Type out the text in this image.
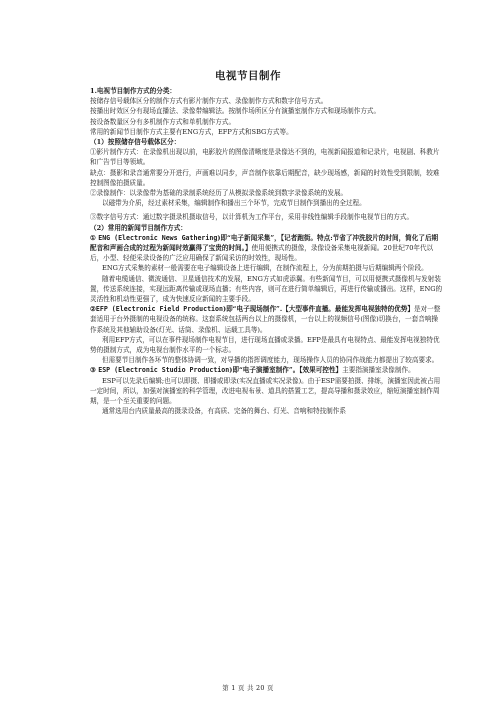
电视节目制作

1.电视节目制作方式的分类：

按储存信号载体区分的制作方式有影片制作方式、录像制作方式和数字信号方式。

按播出时效区分有现场直播法、录像带编辑法。按制作场所区分有演播室制作方式和现场制作方式。

按设备数量区分有多机制作方式和单机制作方式。

常用的新闻节目制作方式主要有ENG方式，EFP方式和SBG方式等。

（1）按照储存信号载体区分：

①影片制作方式：在录像机出现以前，电影胶片的图像清晰度是录像达不到的，电视新闻报道和记录片，电视剧、科教片和广告节目等领域。

缺点：摄影和录音通常要分开进行，声画难以同步，声音制作依靠后期配音，缺少现场感，新闻的时效性受到限制，较难控制图像拍摄质量。

②录像制作：以录像带为基础的录制系统经历了从模拟录像系统到数字录像系统的发展。

以磁带为介质，经过素材采集，编辑制作和播出三个环节，完成节目制作到播出的全过程。

③数字信号方式：通过数字摄录机摄取信号，以计算机为工作平台，采用非线性编辑手段制作电视节目的方式。

（2）常用的新闻节目制作方式：

① ENG (Electronic News Gathering)即“电子新闻采集”，【记者跑街。特点:节省了冲洗胶片的时间，简化了后期配音和声画合成的过程为新闻时效赢得了宝贵的时间。】使用便携式的摄像，录像设备采集电视新闻。20世纪70年代以后，小型、轻便采录设备的广泛应用确保了新闻采访的时效性，现场性。

ENG方式采集的素材一般需要在电子编辑设备上进行编辑，在制作流程上，分为前期拍摄与后期编辑两个阶段。

随着电缆通信、微波通信、卫星通信技术的发展，ENG方式如虎添翼。有些新闻节目，可以用便携式摄像机与发射装置，传送系统连接，实现远距离传输或现场直播；有些内容，则可在进行简单编辑后，再进行传输或播出。这样，ENG的灵活性和机动性更强了，成为快速反应新闻的主要手段。

②EFP (Electronic Field Production)即“电子现场制作”.【大型事件直播。最能发挥电视独特的优势】是对一整套适用于台外摄制的电视设备的统称。这套系统包括两台以上的摄像机，一台以上的视频信号(图像)切换台，一套音响操作系统及其他辅助设备(灯光、话筒、录像机、运载工具等)。

利用EFP方式，可以在事件现场制作电视节目，进行现场直播或录播。EFP是最具有电视特点、最能发挥电视独特优势的摄制方式，成为电视台制作水平的一个标志。

但需要节目制作各环节的整体协调一致，对导播的指挥调度能力，现场操作人员的协同作战能力都提出了较高要求。

③ ESP (Electronic Studio Production)即“电子演播室制作”。【效果可控性】主要指演播室录像制作。

ESP可以先录后编辑;也可以即摄、即播或即录(实况直播或实况录像)。由于ESP需要拍摄、排练，演播室因此被占用一定时间，所以，加强对演播室的科学管理，改进电视布景、道具的搭置工艺，提高导播和摄录效应，缩短演播室制作周期，是一个至关重要的问题。

通常选用台内质量最高的摄录设备，有高质、完备的舞台、灯光、音响和特技制作系

第 1 页 共 20 页
